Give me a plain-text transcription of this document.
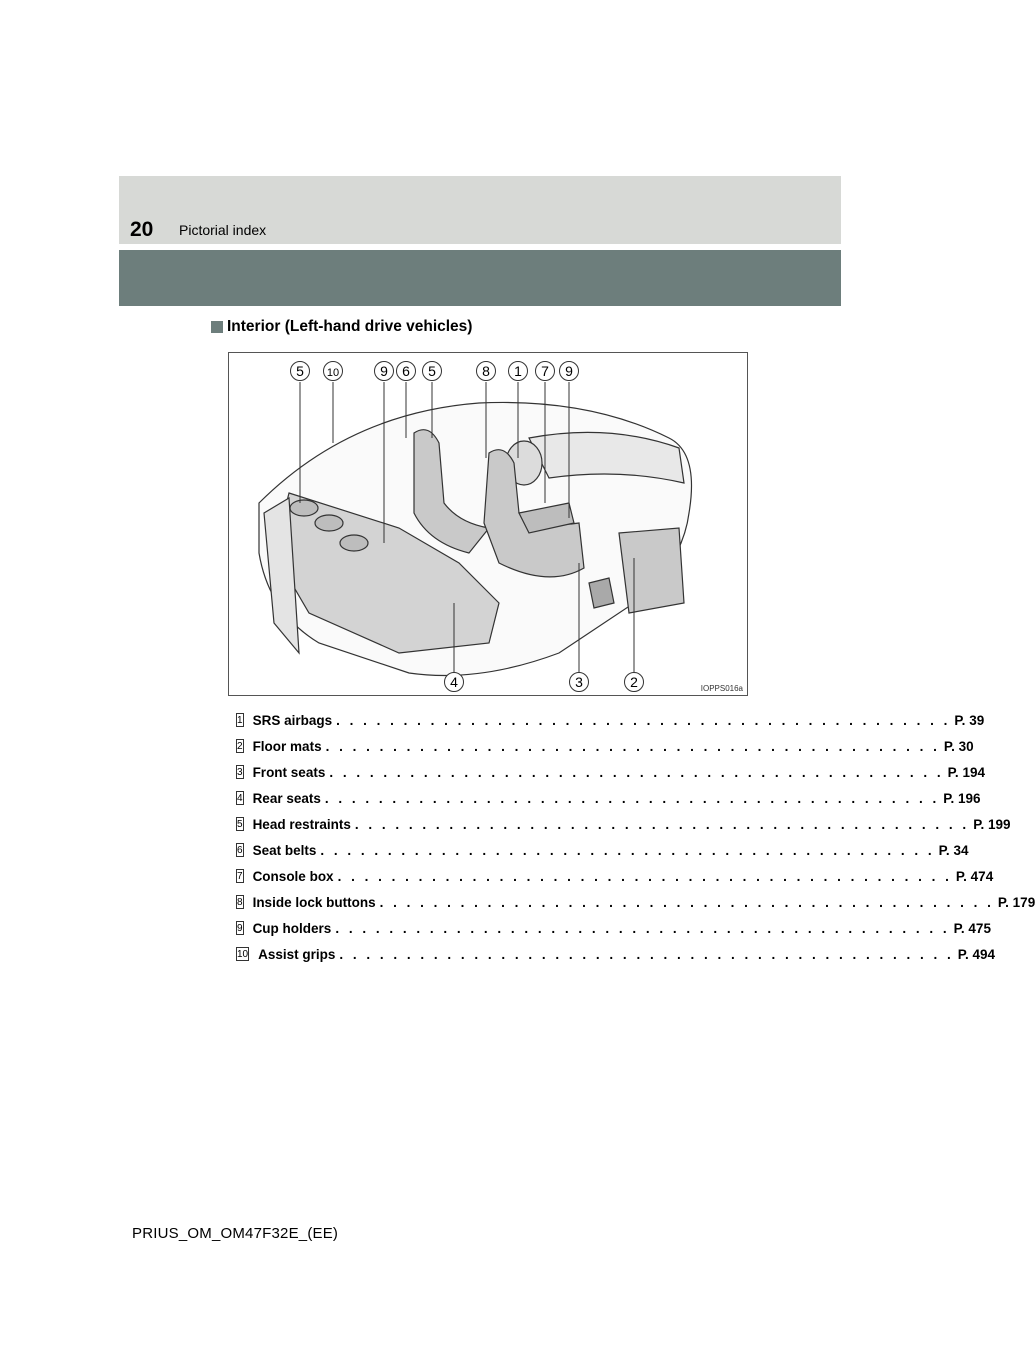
20 Pictorial index
Interior (Left-hand drive vehicles)
5 10	9 6 5	8 1 7 9
4	3	2	IOPPS016a
1 SRS airbags . . . . . . . . . . . . . . . . . . . . . . . . . . . . . . . . . . . . . . . . . . . . . . P. 39
2 Floor mats . . . . . . . . . . . . . . . . . . . . . . . . . . . . . . . . . . . . . . . . . . . . . . P. 30
3 Front seats . . . . . . . . . . . . . . . . . . . . . . . . . . . . . . . . . . . . . . . . . . . . . . P. 194
4 Rear seats . . . . . . . . . . . . . . . . . . . . . . . . . . . . . . . . . . . . . . . . . . . . . . P. 196
5 Head restraints . . . . . . . . . . . . . . . . . . . . . . . . . . . . . . . . . . . . . . . . . . . . . . P. 199
6 Seat belts . . . . . . . . . . . . . . . . . . . . . . . . . . . . . . . . . . . . . . . . . . . . . . P. 34
7 Console box . . . . . . . . . . . . . . . . . . . . . . . . . . . . . . . . . . . . . . . . . . . . . . P. 474
8 Inside lock buttons . . . . . . . . . . . . . . . . . . . . . . . . . . . . . . . . . . . . . . . . . . . . . . P. 179
9 Cup holders . . . . . . . . . . . . . . . . . . . . . . . . . . . . . . . . . . . . . . . . . . . . . . P. 475
10 Assist grips . . . . . . . . . . . . . . . . . . . . . . . . . . . . . . . . . . . . . . . . . . . . . . P. 494
PRIUS_OM_OM47F32E_(EE)
